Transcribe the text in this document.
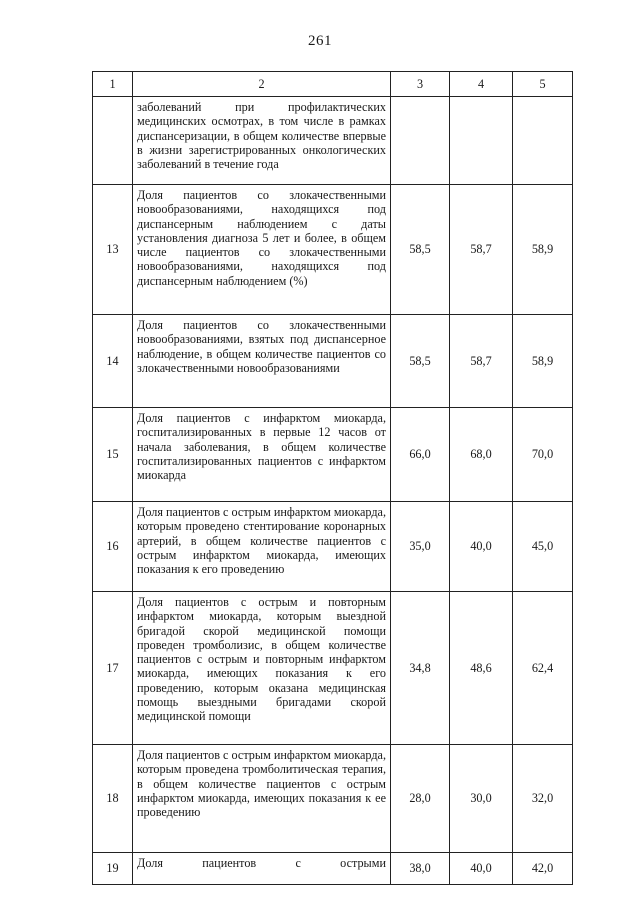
261
1	2	3	4	5
	заболеваний при профилактических медицинских осмотрах, в том числе в рамках диспансеризации, в общем количестве впервые в жизни зарегистрированных онкологических заболеваний в течение года			
13	Доля пациентов со злокачественными новообразованиями, находящихся под диспансерным наблюдением с даты установления диагноза 5 лет и более, в общем числе пациентов со злокачественными новообразованиями, находящихся под диспансерным наблюдением (%)	58,5	58,7	58,9
14	Доля пациентов со злокачественными новообразованиями, взятых под диспансерное наблюдение, в общем количестве пациентов со злокачественными новообразованиями	58,5	58,7	58,9
15	Доля пациентов с инфарктом миокарда, госпитализированных в первые 12 часов от начала заболевания, в общем количестве госпитализированных пациентов с инфарктом миокарда	66,0	68,0	70,0
16	Доля пациентов с острым инфарктом миокарда, которым проведено стентирование коронарных артерий, в общем количестве пациентов с острым инфарктом миокарда, имеющих показания к его проведению	35,0	40,0	45,0
17	Доля пациентов с острым и повторным инфарктом миокарда, которым выездной бригадой скорой медицинской помощи проведен тромболизис, в общем количестве пациентов с острым и повторным инфарктом миокарда, имеющих показания к его проведению, которым оказана медицинская помощь выездными бригадами скорой медицинской помощи	34,8	48,6	62,4
18	Доля пациентов с острым инфарктом миокарда, которым проведена тромболитическая терапия, в общем количестве пациентов с острым инфарктом миокарда, имеющих показания к ее проведению	28,0	30,0	32,0
19	Доля пациентов с острыми	38,0	40,0	42,0
